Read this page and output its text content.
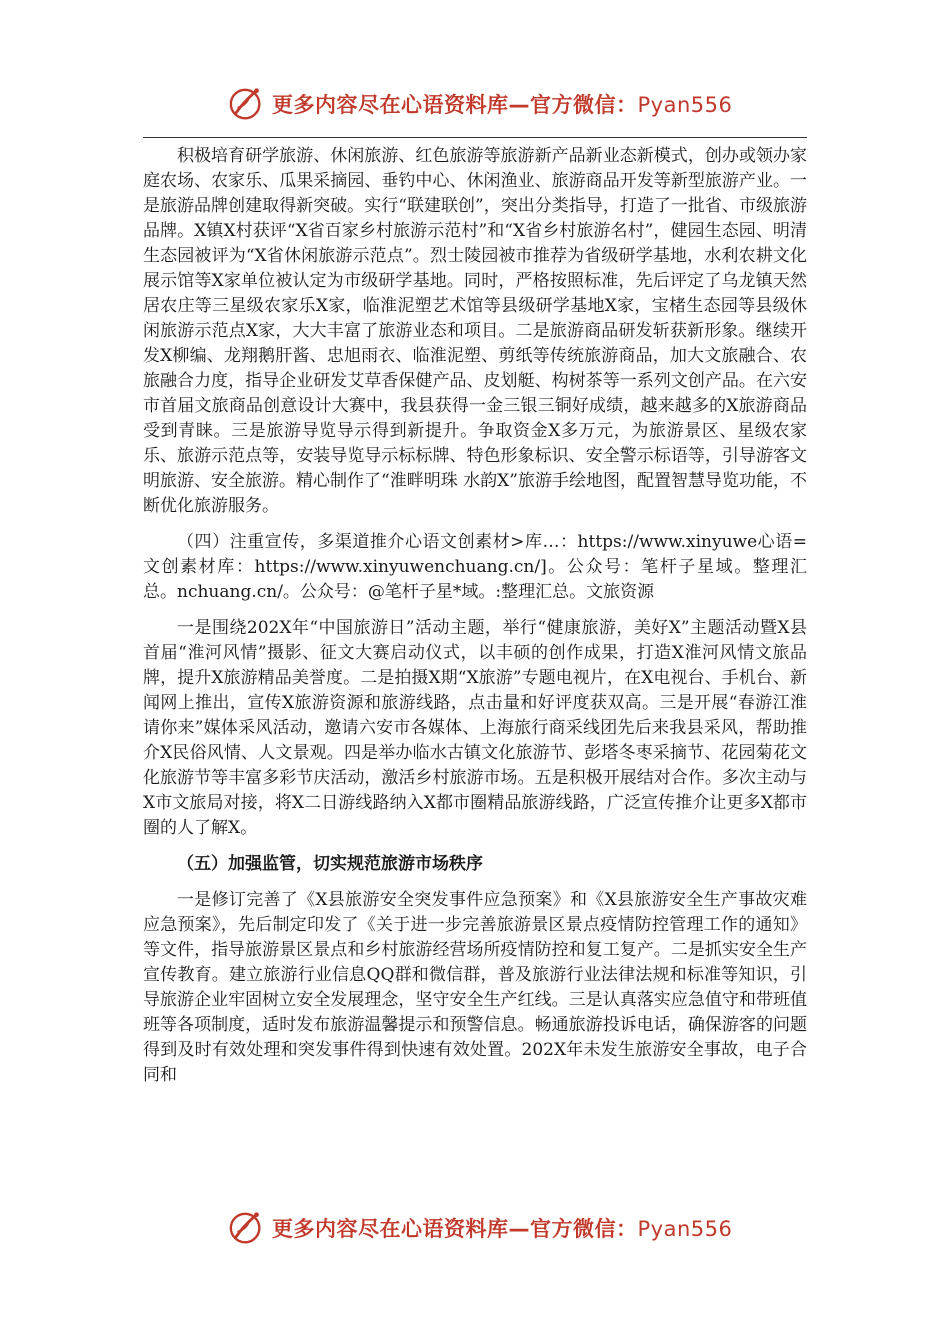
更多内容尽在心语资料库—官方微信：Pyan556

积极培育研学旅游、休闲旅游、红色旅游等旅游新产品新业态新模式，创办或领办家庭农场、农家乐、瓜果采摘园、垂钓中心、休闲渔业、旅游商品开发等新型旅游产业。一是旅游品牌创建取得新突破。实行“联建联创”，突出分类指导，打造了一批省、市级旅游品牌。X镇X村获评“X省百家乡村旅游示范村”和“X省乡村旅游名村”，健园生态园、明清生态园被评为“X省休闲旅游示范点”。烈士陵园被市推荐为省级研学基地，水利农耕文化展示馆等X家单位被认定为市级研学基地。同时，严格按照标准，先后评定了乌龙镇天然居农庄等三星级农家乐X家，临淮泥塑艺术馆等县级研学基地X家，宝楮生态园等县级休闲旅游示范点X家，大大丰富了旅游业态和项目。二是旅游商品研发斩获新形象。继续开发X柳编、龙翔鹅肝酱、忠旭雨衣、临淮泥塑、剪纸等传统旅游商品，加大文旅融合、农旅融合力度，指导企业研发艾草香保健产品、皮划艇、构树茶等一系列文创产品。在六安市首届文旅商品创意设计大赛中，我县获得一金三银三铜好成绩，越来越多的X旅游商品受到青睐。三是旅游导览导示得到新提升。争取资金X多万元，为旅游景区、星级农家乐、旅游示范点等，安装导览导示标标牌、特色形象标识、安全警示标语等，引导游客文明旅游、安全旅游。精心制作了“淮畔明珠 水韵X”旅游手绘地图，配置智慧导览功能，不断优化旅游服务。

（四）注重宣传，多渠道推介心语文创素材>库…：https://www.xinyuwe心语=文创素材库：https://www.xinyuwenchuang.cn/]。公众号：笔杆子星域。整理汇总。nchuang.cn/。公众号：@笔杆子星*域。:整理汇总。文旅资源

一是围绕202X年“中国旅游日”活动主题，举行“健康旅游，美好X”主题活动暨X县首届“淮河风情”摄影、征文大赛启动仪式，以丰硕的创作成果，打造X淮河风情文旅品牌，提升X旅游精品美誉度。二是拍摄X期“X旅游”专题电视片，在X电视台、手机台、新闻网上推出，宣传X旅游资源和旅游线路，点击量和好评度获双高。三是开展“春游江淮请你来”媒体采风活动，邀请六安市各媒体、上海旅行商采线团先后来我县采风，帮助推介X民俗风情、人文景观。四是举办临水古镇文化旅游节、彭塔冬枣采摘节、花园菊花文化旅游节等丰富多彩节庆活动，激活乡村旅游市场。五是积极开展结对合作。多次主动与X市文旅局对接，将X二日游线路纳入X都市圈精品旅游线路，广泛宣传推介让更多X都市圈的人了解X。

（五）加强监管，切实规范旅游市场秩序

一是修订完善了《X县旅游安全突发事件应急预案》和《X县旅游安全生产事故灾难应急预案》，先后制定印发了《关于进一步完善旅游景区景点疫情防控管理工作的通知》等文件，指导旅游景区景点和乡村旅游经营场所疫情防控和复工复产。二是抓实安全生产宣传教育。建立旅游行业信息QQ群和微信群，普及旅游行业法律法规和标准等知识，引导旅游企业牢固树立安全发展理念，坚守安全生产红线。三是认真落实应急值守和带班值班等各项制度，适时发布旅游温馨提示和预警信息。畅通旅游投诉电话，确保游客的问题得到及时有效处理和突发事件得到快速有效处置。202X年未发生旅游安全事故，电子合同和

更多内容尽在心语资料库—官方微信：Pyan556
